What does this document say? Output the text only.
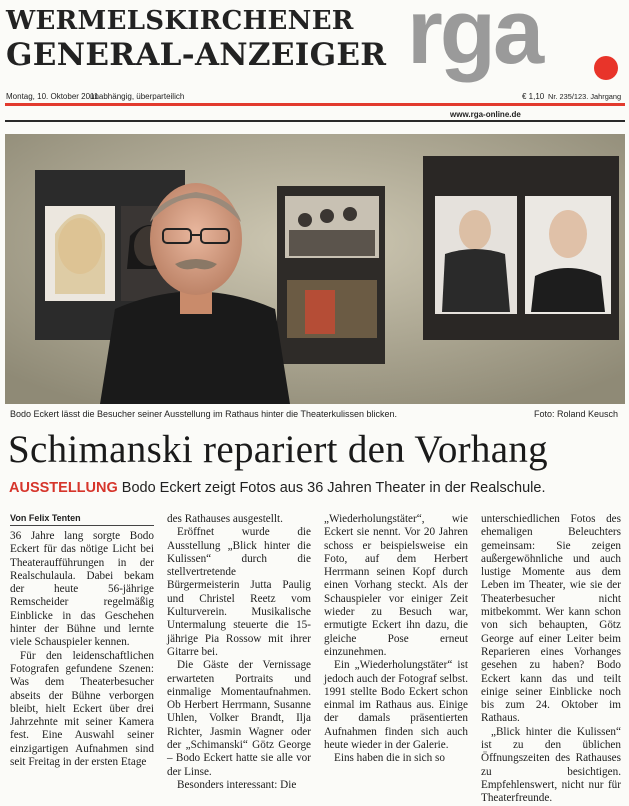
WERMELSKIRCHENER
GENERAL-ANZEIGER rga
Montag, 10. Oktober 2011
unabhängig, überparteilich	€ 1,10 Nr. 235/123. Jahrgang
www.rga-online.de
Bodo Eckert lässt die Besucher seiner Ausstellung im Rathaus hinter die Theaterkulissen blicken.	Foto: Roland Keusch
Schimanski repariert den Vorhang
AUSSTELLUNG Bodo Eckert zeigt Fotos aus 36 Jahren Theater in der Realschule.
Von Felix Tenten

36 Jahre lang sorgte Bodo Eckert für das nötige Licht bei Theateraufführungen in der Realschulaula. Dabei bekam der heute 56-jährige Remscheider regelmäßig Einblicke in das Geschehen hinter der Bühne und lernte viele Schauspieler kennen.

Für den leidenschaftlichen Fotografen gefundene Szenen: Was dem Theaterbesucher abseits der Bühne verborgen bleibt, hielt Eckert über drei Jahrzehnte mit seiner Kamera fest. Eine Auswahl seiner einzigartigen Aufnahmen sind seit Freitag in der ersten Etage

des Rathauses ausgestellt.

Eröffnet wurde die Ausstellung „Blick hinter die Kulissen“ durch die stellvertretende Bürgermeisterin Jutta Paulig und Christel Reetz vom Kulturverein. Musikalische Untermalung steuerte die 15-jährige Pia Rossow mit ihrer Gitarre bei.

Die Gäste der Vernissage erwarteten Portraits und einmalige Momentaufnahmen. Ob Herbert Herrmann, Susanne Uhlen, Volker Brandt, Ilja Richter, Jasmin Wagner oder der „Schimanski“ Götz George – Bodo Eckert hatte sie alle vor der Linse.

Besonders interessant: Die

„Wiederholungstäter“, wie Eckert sie nennt. Vor 20 Jahren schoss er beispielsweise ein Foto, auf dem Herbert Herrmann seinen Kopf durch einen Vorhang steckt. Als der Schauspieler vor einiger Zeit wieder zu Besuch war, ermutigte Eckert ihn dazu, die gleiche Pose erneut einzunehmen.

Ein „Wiederholungstäter“ ist jedoch auch der Fotograf selbst. 1991 stellte Bodo Eckert schon einmal im Rathaus aus. Einige der damals präsentierten Aufnahmen finden sich auch heute wieder in der Galerie.

Eins haben die in sich so

unterschiedlichen Fotos des ehemaligen Beleuchters gemeinsam: Sie zeigen außergewöhnliche und auch lustige Momente aus dem Leben im Theater, wie sie der Theaterbesucher nicht mitbekommt. Wer kann schon von sich behaupten, Götz George auf einer Leiter beim Reparieren eines Vorhanges gesehen zu haben? Bodo Eckert kann das und teilt einige seiner Einblicke noch bis zum 24. Oktober im Rathaus.

„Blick hinter die Kulissen“ ist zu den üblichen Öffnungszeiten des Rathauses zu besichtigen. Empfehlenswert, nicht nur für Theaterfreunde.
